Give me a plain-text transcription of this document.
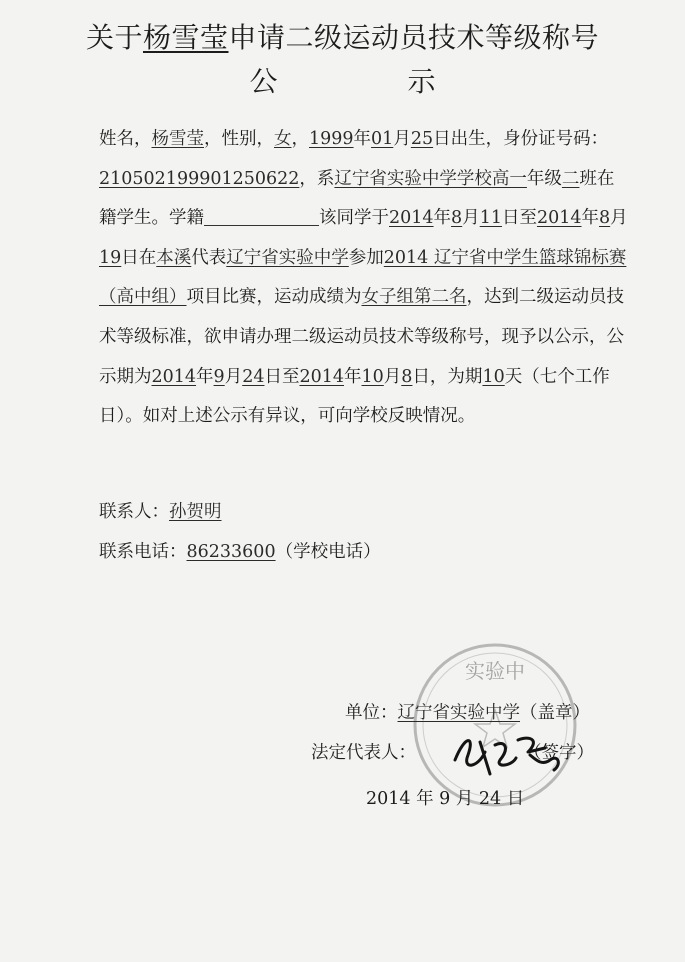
关于杨雪莹申请二级运动员技术等级称号
公	示
姓名，杨雪莹，性别，女，1999年01月25日出生，身份证号码：210502199901250622，系辽宁省实验中学学校高一年级二班在籍学生。学籍	该同学于2014年8月11日至2014年8月19日在本溪代表辽宁省实验中学参加2014 辽宁省中学生篮球锦标赛（高中组）项目比赛，运动成绩为女子组第二名，达到二级运动员技术等级标准，欲申请办理二级运动员技术等级称号，现予以公示，公示期为2014年9月24日至2014年10月8日，为期10天（七个工作日）。如对上述公示有异议，可向学校反映情况。
联系人：孙贺明
联系电话：86233600（学校电话）
实验中
单位：辽宁省实验中学（盖章）
法定代表人：	（签字）
2014 年 9 月 24 日
